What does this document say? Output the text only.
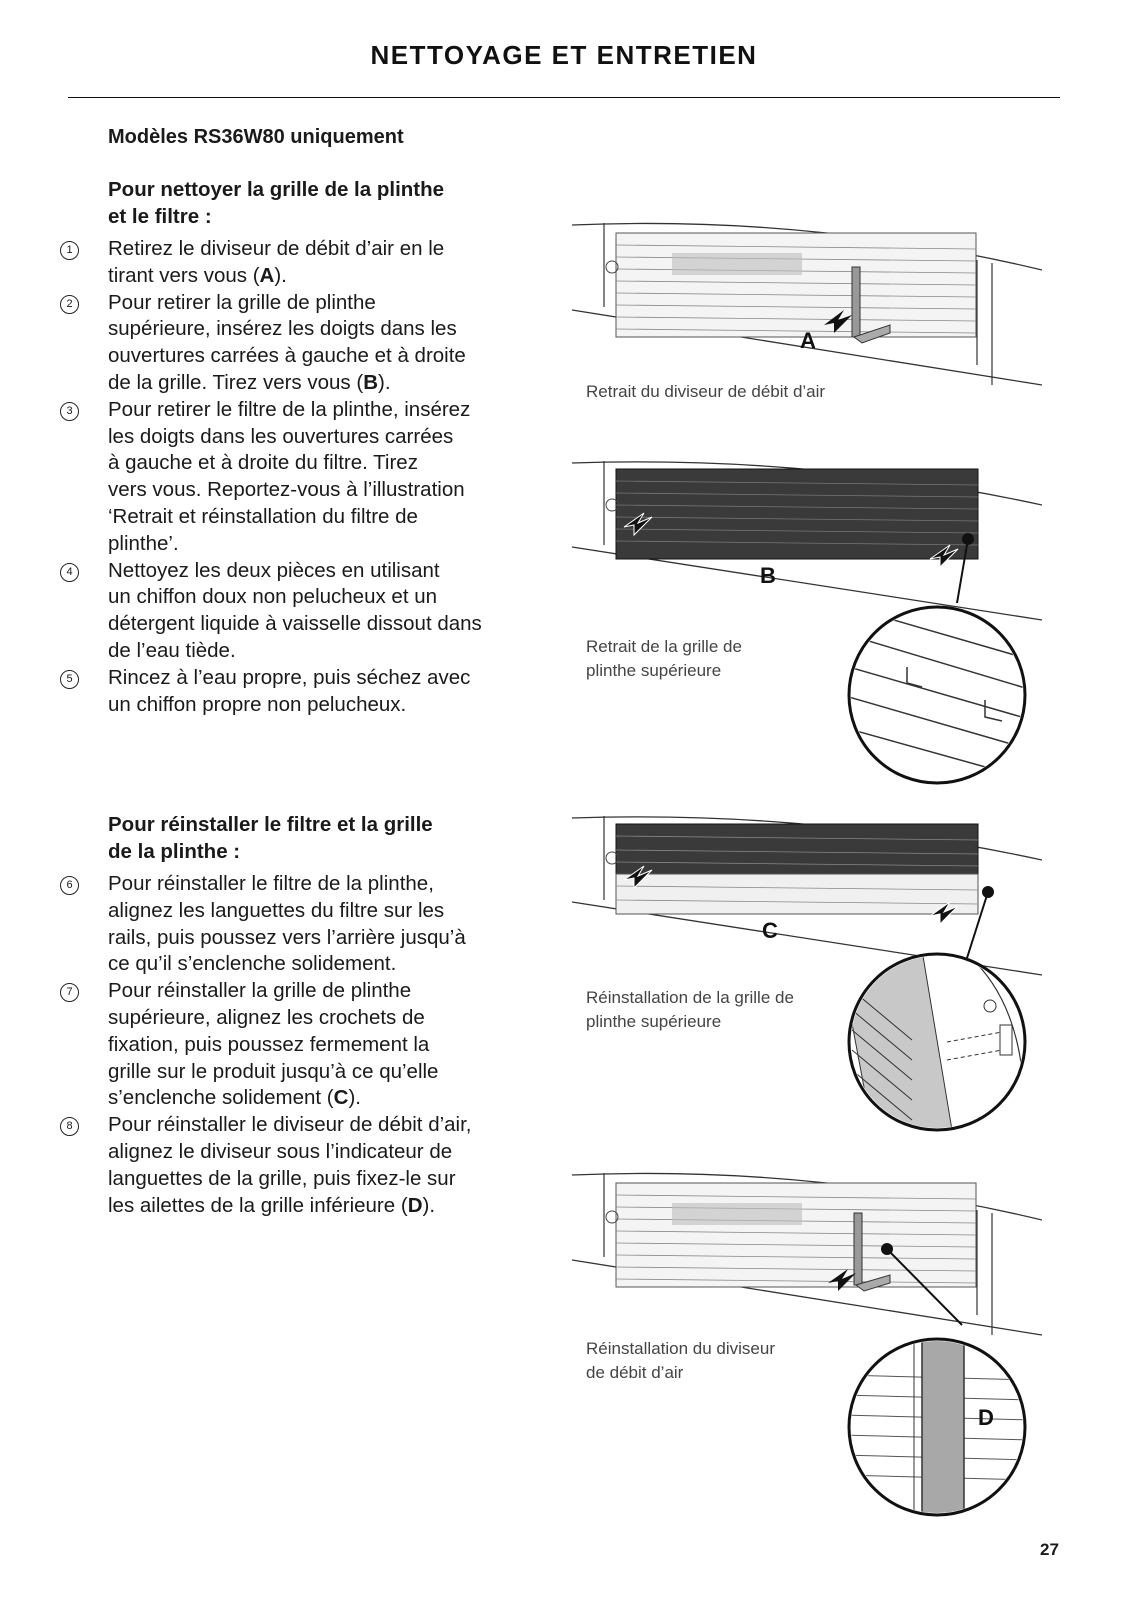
NETTOYAGE ET ENTRETIEN
Modèles RS36W80 uniquement
Pour nettoyer la grille de la plinthe
et le filtre :
1	Retirez le diviseur de débit d’air en le
tirant vers vous (A).
2	Pour retirer la grille de plinthe
supérieure, insérez les doigts dans les
ouvertures carrées à gauche et à droite
de la grille. Tirez vers vous (B).
3	Pour retirer le filtre de la plinthe, insérez
les doigts dans les ouvertures carrées
à gauche et à droite du filtre. Tirez
vers vous. Reportez-vous à l’illustration
‘Retrait et réinstallation du filtre de
plinthe’.
4	Nettoyez les deux pièces en utilisant
un chiffon doux non pelucheux et un
détergent liquide à vaisselle dissout dans
de l’eau tiède.
5	Rincez à l’eau propre, puis séchez avec
un chiffon propre non pelucheux.
Pour réinstaller le filtre et la grille
de la plinthe :
6	Pour réinstaller le filtre de la plinthe,
alignez les languettes du filtre sur les
rails, puis poussez vers l’arrière jusqu’à
ce qu’il s’enclenche solidement.
7	Pour réinstaller la grille de plinthe
supérieure, alignez les crochets de
fixation, puis poussez fermement la
grille sur le produit jusqu’à ce qu’elle
s’enclenche solidement (C).
8	Pour réinstaller le diviseur de débit d’air,
alignez le diviseur sous l’indicateur de
languettes de la grille, puis fixez-le sur
les ailettes de la grille inférieure (D).
A
Retrait du diviseur de débit d’air
B
Retrait de la grille de
plinthe supérieure
C
Réinstallation de la grille de
plinthe supérieure
D
Réinstallation du diviseur
de débit d’air
27
